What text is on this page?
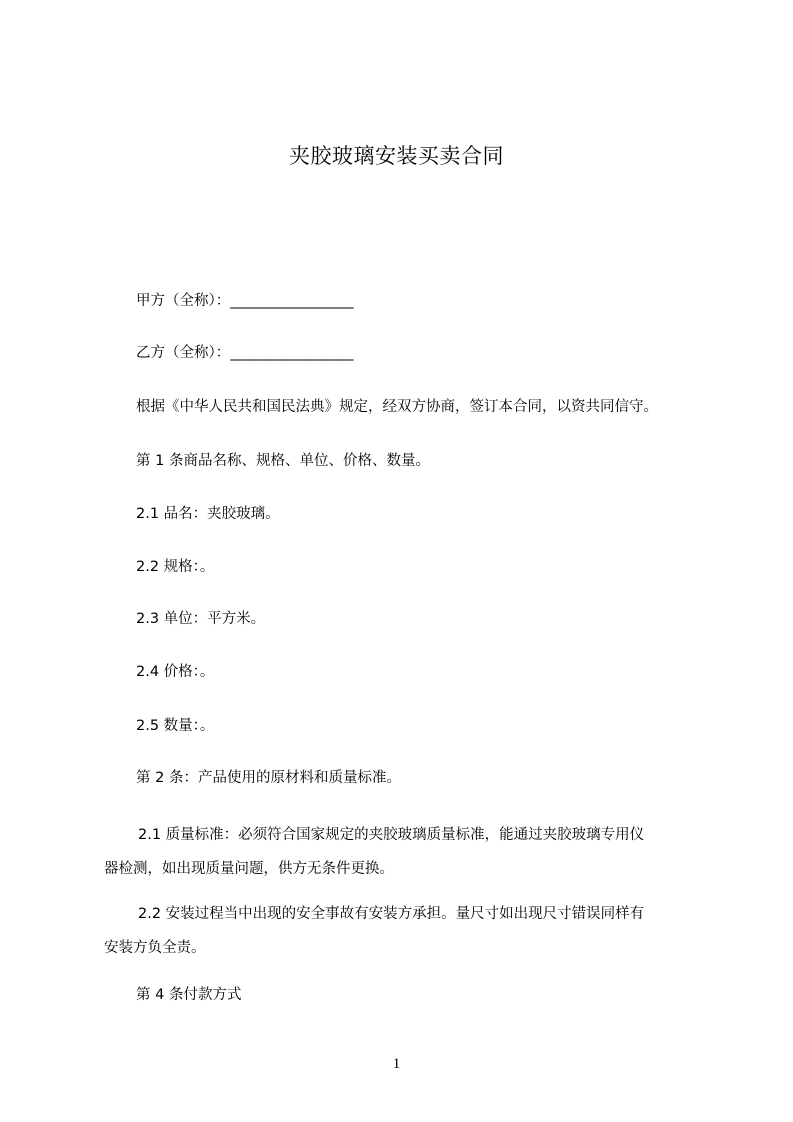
夹胶玻璃安装买卖合同
甲方（全称）：_________________
乙方（全称）：_________________
根据《中华人民共和国民法典》规定，经双方协商，签订本合同，以资共同信守。
第 1 条商品名称、规格、单位、价格、数量。
2.1 品名：夹胶玻璃。
2.2 规格：。
2.3 单位：平方米。
2.4 价格：。
2.5 数量：。
第 2 条：产品使用的原材料和质量标准。
2.1 质量标准：必须符合国家规定的夹胶玻璃质量标准，能通过夹胶玻璃专用仪
器检测，如出现质量问题，供方无条件更换。
2.2 安装过程当中出现的安全事故有安装方承担。量尺寸如出现尺寸错误同样有
安装方负全责。
第 4 条付款方式
1
